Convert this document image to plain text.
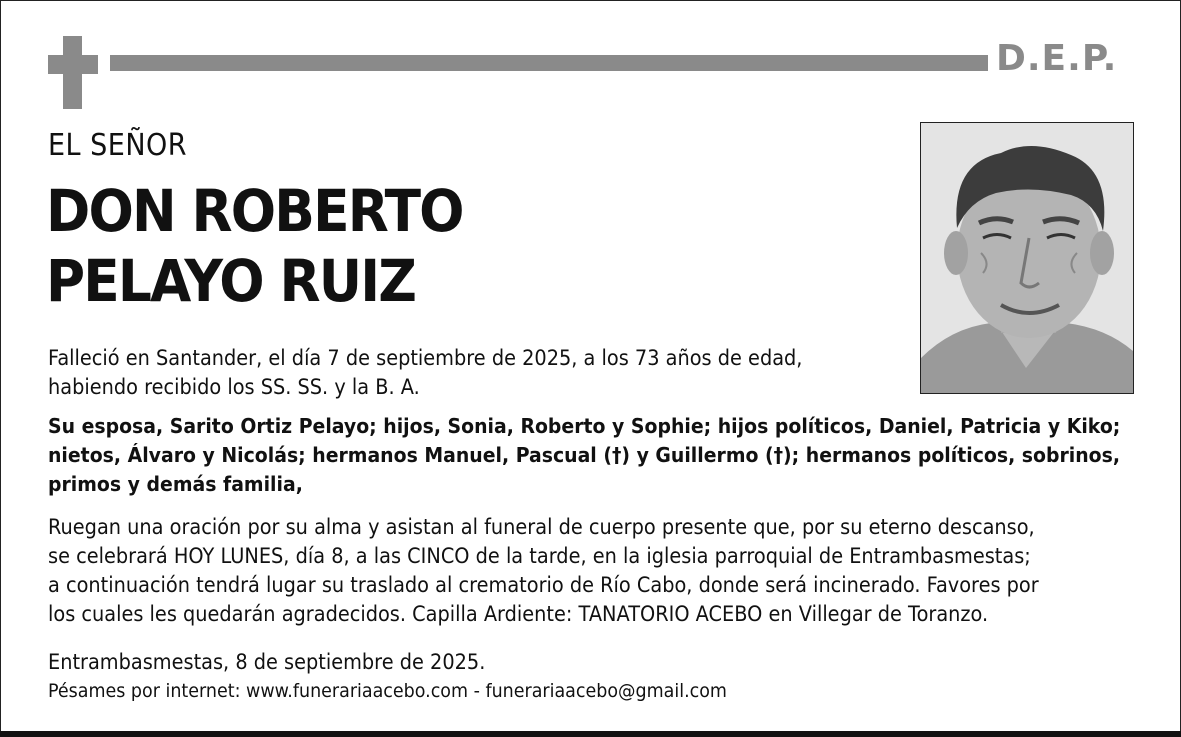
D.E.P.
EL SEÑOR
DON ROBERTO
PELAYO RUIZ
Falleció en Santander, el día 7 de septiembre de 2025, a los 73 años de edad,
habiendo recibido los SS. SS. y la B. A.
Su esposa, Sarito Ortiz Pelayo; hijos, Sonia, Roberto y Sophie; hijos políticos, Daniel, Patricia y Kiko;
nietos, Álvaro y Nicolás; hermanos Manuel, Pascual (†) y Guillermo (†); hermanos políticos, sobrinos,
primos y demás familia,
Ruegan una oración por su alma y asistan al funeral de cuerpo presente que, por su eterno descanso,
se celebrará HOY LUNES, día 8, a las CINCO de la tarde, en la iglesia parroquial de Entrambasmestas;
a continuación tendrá lugar su traslado al crematorio de Río Cabo, donde será incinerado. Favores por
los cuales les quedarán agradecidos. Capilla Ardiente: TANATORIO ACEBO en Villegar de Toranzo.
Entrambasmestas, 8 de septiembre de 2025.
Pésames por internet: www.funerariaacebo.com - funerariaacebo@gmail.com
